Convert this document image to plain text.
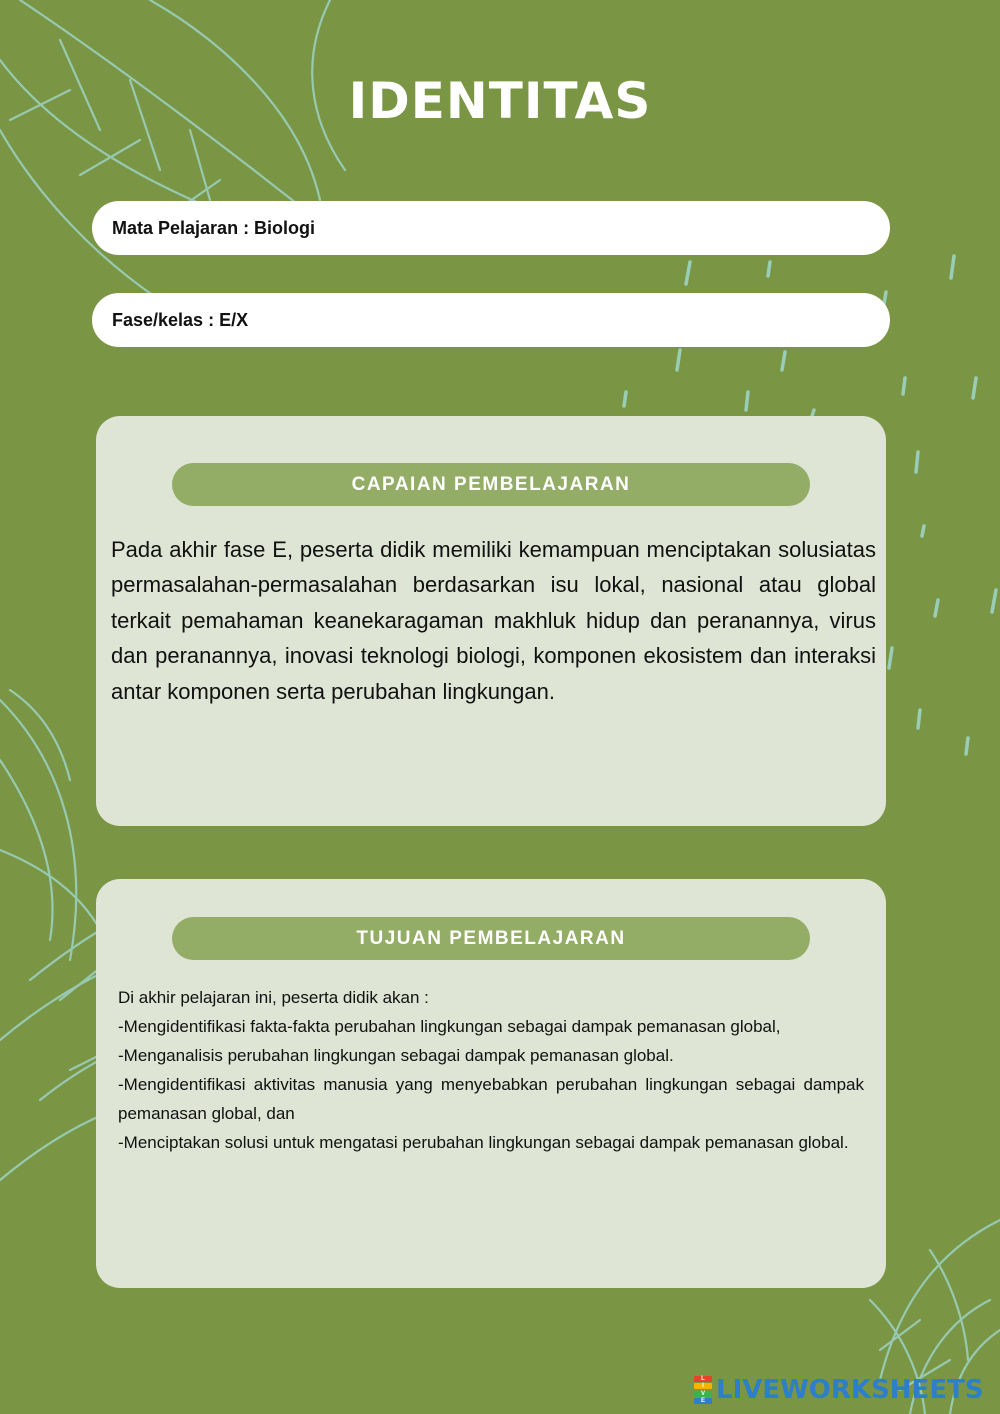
IDENTITAS
Mata Pelajaran : Biologi
Fase/kelas : E/X
CAPAIAN PEMBELAJARAN

Pada akhir fase E, peserta didik memiliki kemampuan menciptakan solusiatas permasalahan-permasalahan berdasarkan isu lokal, nasional atau global terkait pemahaman keanekaragaman makhluk hidup dan peranannya, virus dan peranannya, inovasi teknologi biologi, komponen ekosistem dan interaksi antar komponen serta perubahan lingkungan.

TUJUAN PEMBELAJARAN

Di akhir pelajaran ini, peserta didik akan :

-Mengidentifikasi fakta-fakta perubahan lingkungan sebagai dampak pemanasan global,

-Menganalisis perubahan lingkungan sebagai dampak pemanasan global.

-Mengidentifikasi aktivitas manusia yang menyebabkan perubahan lingkungan sebagai dampak pemanasan global, dan

-Menciptakan solusi untuk mengatasi perubahan lingkungan sebagai dampak pemanasan global.

L
I
V
E LIVEWORKSHEETS
